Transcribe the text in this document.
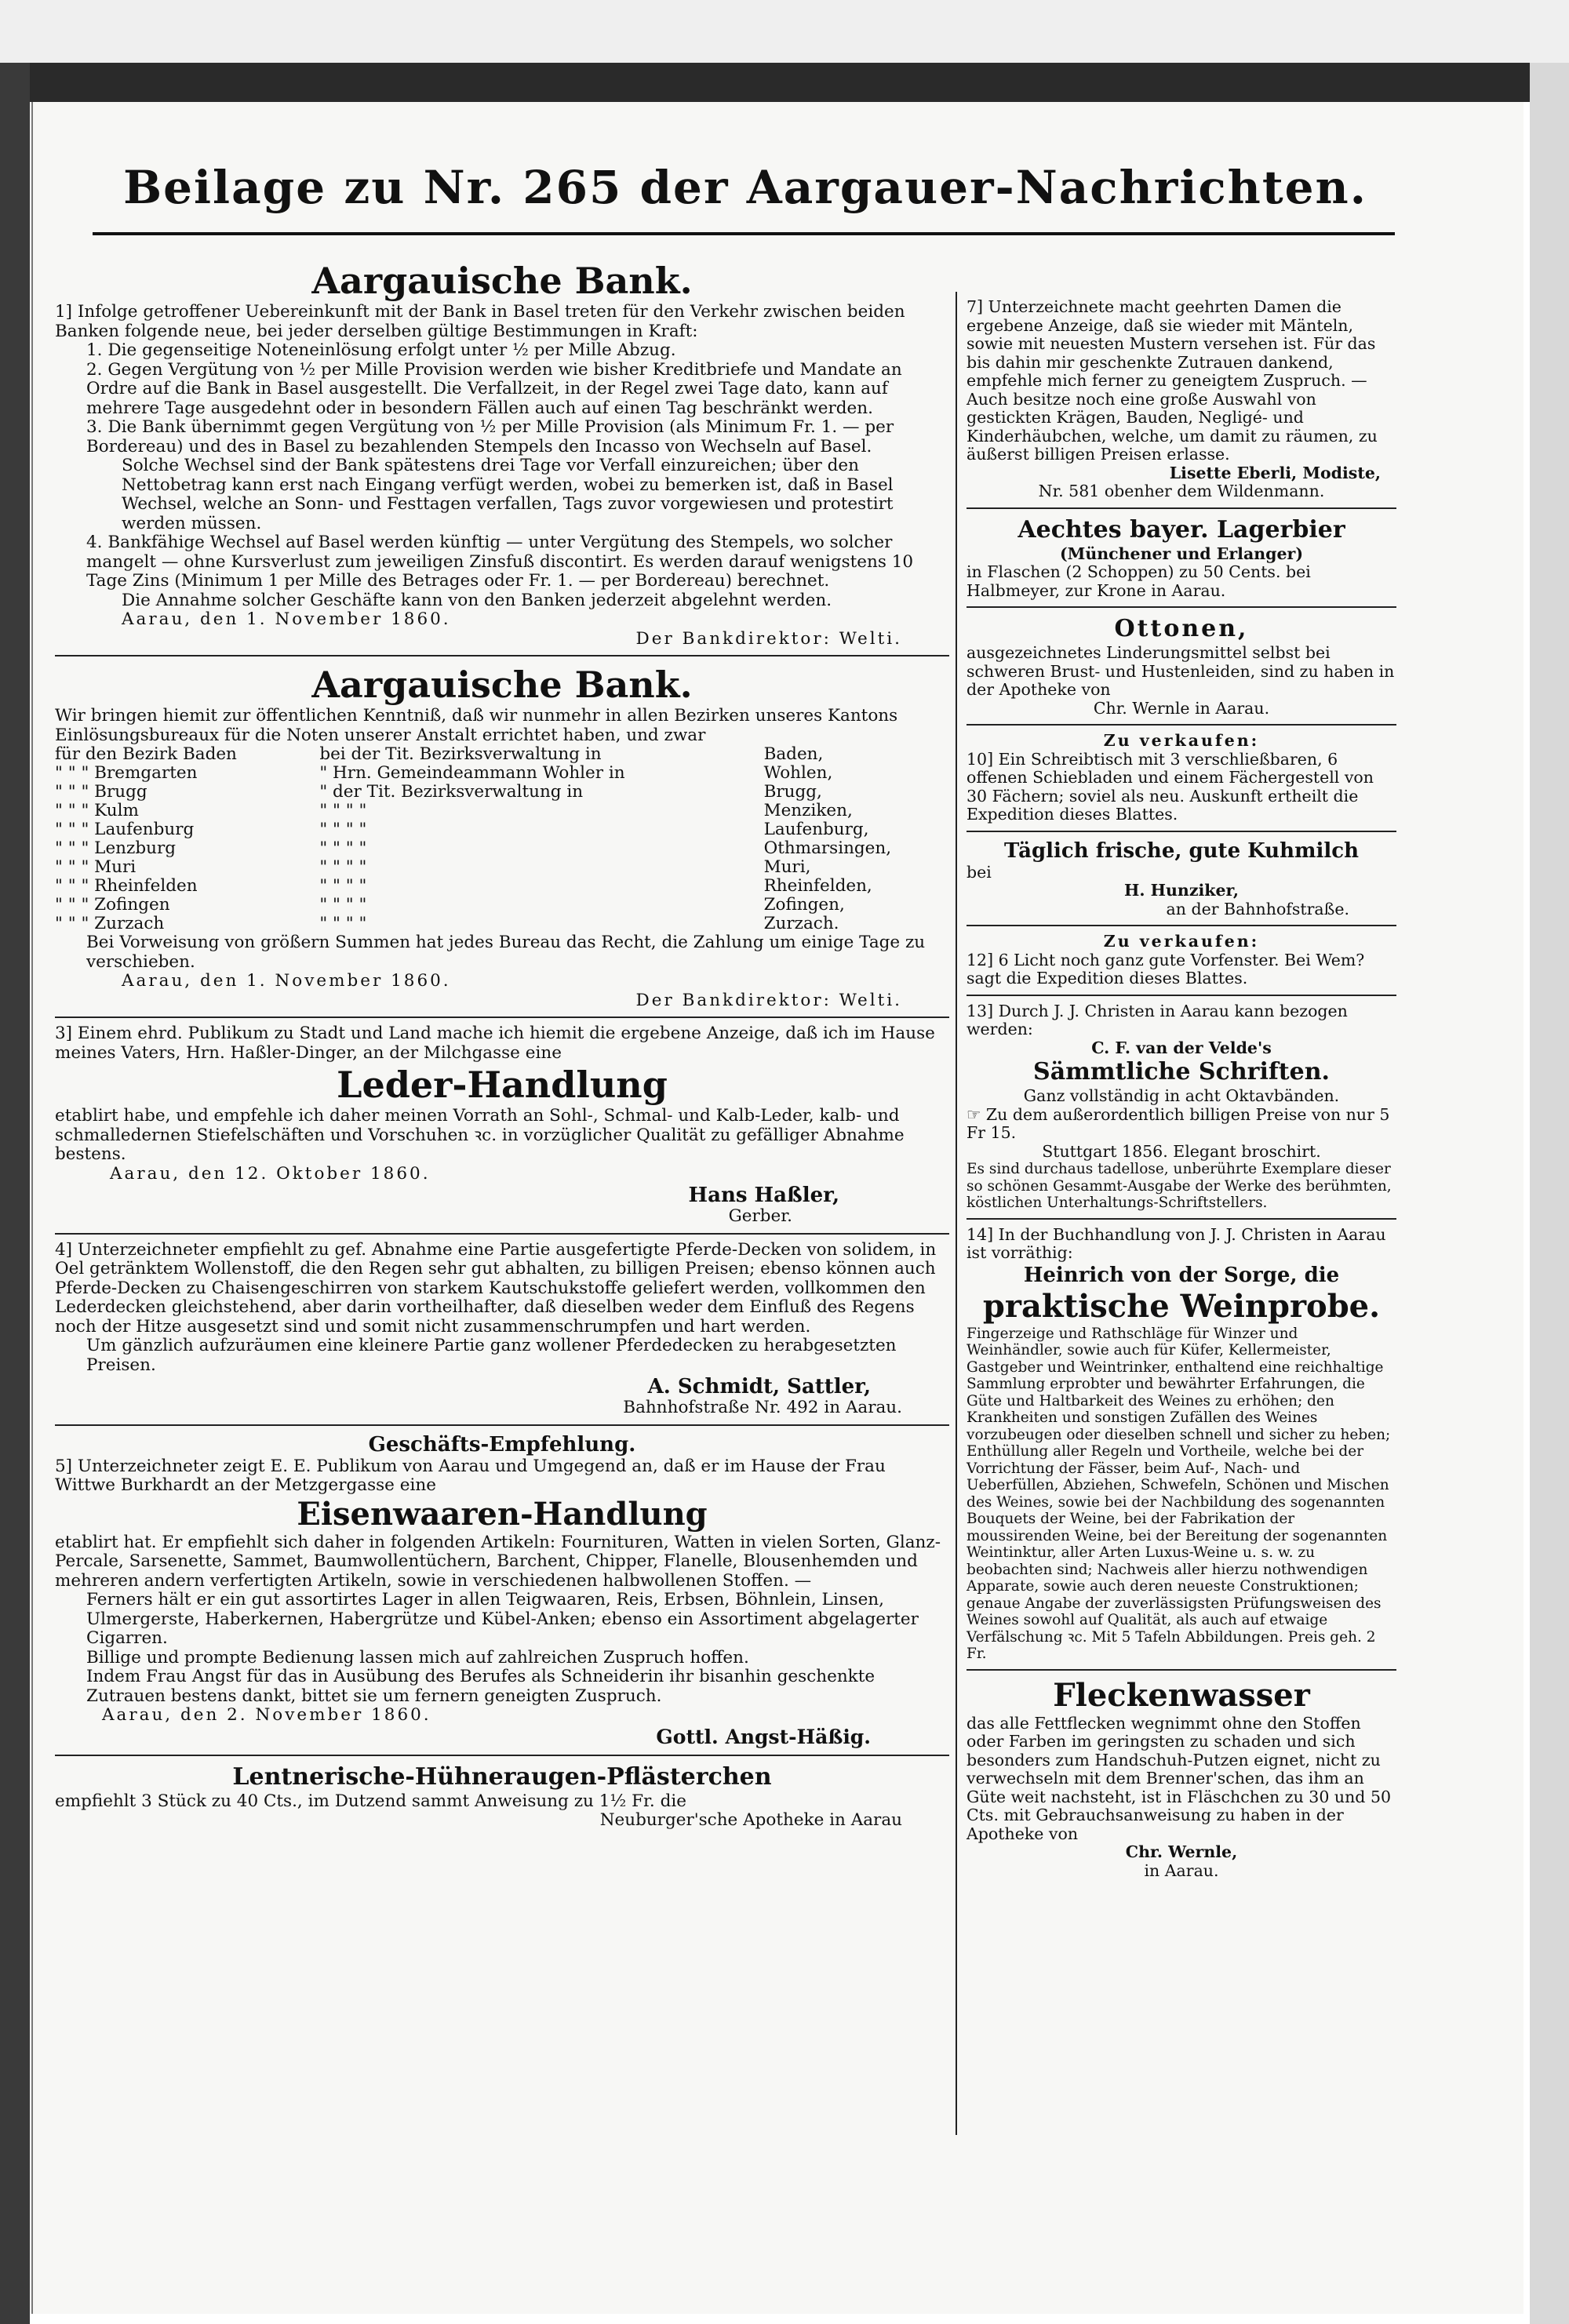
Beilage zu Nr. 265 der Aargauer-Nachrichten.

Aargauische Bank.

1] Infolge getroffener Uebereinkunft mit der Bank in Basel treten für den Verkehr zwischen beiden Banken folgende neue, bei jeder derselben gültige Bestimmungen in Kraft:

1. Die gegenseitige Noteneinlösung erfolgt unter ½ per Mille Abzug.

2. Gegen Vergütung von ½ per Mille Provision werden wie bisher Kreditbriefe und Mandate an Ordre auf die Bank in Basel ausgestellt. Die Verfallzeit, in der Regel zwei Tage dato, kann auf mehrere Tage ausgedehnt oder in besondern Fällen auch auf einen Tag beschränkt werden.

3. Die Bank übernimmt gegen Vergütung von ½ per Mille Provision (als Minimum Fr. 1. — per Bordereau) und des in Basel zu bezahlenden Stempels den Incasso von Wechseln auf Basel.

Solche Wechsel sind der Bank spätestens drei Tage vor Verfall einzureichen; über den Nettobetrag kann erst nach Eingang verfügt werden, wobei zu bemerken ist, daß in Basel Wechsel, welche an Sonn- und Festtagen verfallen, Tags zuvor vorgewiesen und protestirt werden müssen.

4. Bankfähige Wechsel auf Basel werden künftig — unter Vergütung des Stempels, wo solcher mangelt — ohne Kursverlust zum jeweiligen Zinsfuß discontirt. Es werden darauf wenigstens 10 Tage Zins (Minimum 1 per Mille des Betrages oder Fr. 1. — per Bordereau) berechnet.

Die Annahme solcher Geschäfte kann von den Banken jederzeit abgelehnt werden.

Aarau, den 1. November 1860.

Der Bankdirektor: Welti.

Aargauische Bank.

Wir bringen hiemit zur öffentlichen Kenntniß, daß wir nunmehr in allen Bezirken unseres Kantons Einlösungsbureaux für die Noten unserer Anstalt errichtet haben, und zwar

für den Bezirk Baden	bei der Tit. Bezirksverwaltung in	Baden,
" " " Bremgarten	" Hrn. Gemeindeammann Wohler in	Wohlen,
" " " Brugg	" der Tit. Bezirksverwaltung in	Brugg,
" " " Kulm	" " " "	Menziken,
" " " Laufenburg	" " " "	Laufenburg,
" " " Lenzburg	" " " "	Othmarsingen,
" " " Muri	" " " "	Muri,
" " " Rheinfelden	" " " "	Rheinfelden,
" " " Zofingen	" " " "	Zofingen,
" " " Zurzach	" " " "	Zurzach.

Bei Vorweisung von größern Summen hat jedes Bureau das Recht, die Zahlung um einige Tage zu verschieben.

Aarau, den 1. November 1860.

Der Bankdirektor: Welti.

3] Einem ehrd. Publikum zu Stadt und Land mache ich hiemit die ergebene Anzeige, daß ich im Hause meines Vaters, Hrn. Haßler-Dinger, an der Milchgasse eine

Leder-Handlung

etablirt habe, und empfehle ich daher meinen Vorrath an Sohl-, Schmal- und Kalb-Leder, kalb- und schmalledernen Stiefelschäften und Vorschuhen ꝛc. in vorzüglicher Qualität zu gefälliger Abnahme bestens.

Aarau, den 12. Oktober 1860.

Hans Haßler,

Gerber.

4] Unterzeichneter empfiehlt zu gef. Abnahme eine Partie ausgefertigte Pferde-Decken von solidem, in Oel getränktem Wollenstoff, die den Regen sehr gut abhalten, zu billigen Preisen; ebenso können auch Pferde-Decken zu Chaisengeschirren von starkem Kautschukstoffe geliefert werden, vollkommen den Lederdecken gleichstehend, aber darin vortheilhafter, daß dieselben weder dem Einfluß des Regens noch der Hitze ausgesetzt sind und somit nicht zusammenschrumpfen und hart werden.

Um gänzlich aufzuräumen eine kleinere Partie ganz wollener Pferdedecken zu herabgesetzten Preisen.

A. Schmidt, Sattler,

Bahnhofstraße Nr. 492 in Aarau.

Geschäfts-Empfehlung.

5] Unterzeichneter zeigt E. E. Publikum von Aarau und Umgegend an, daß er im Hause der Frau Wittwe Burkhardt an der Metzgergasse eine

Eisenwaaren-Handlung

etablirt hat. Er empfiehlt sich daher in folgenden Artikeln: Fournituren, Watten in vielen Sorten, Glanz-Percale, Sarsenette, Sammet, Baumwollentüchern, Barchent, Chipper, Flanelle, Blousenhemden und mehreren andern verfertigten Artikeln, sowie in verschiedenen halbwollenen Stoffen. —

Ferners hält er ein gut assortirtes Lager in allen Teigwaaren, Reis, Erbsen, Böhnlein, Linsen, Ulmergerste, Haberkernen, Habergrütze und Kübel-Anken; ebenso ein Assortiment abgelagerter Cigarren.

Billige und prompte Bedienung lassen mich auf zahlreichen Zuspruch hoffen.

Indem Frau Angst für das in Ausübung des Berufes als Schneiderin ihr bisanhin geschenkte Zutrauen bestens dankt, bittet sie um fernern geneigten Zuspruch.

Aarau, den 2. November 1860.

Gottl. Angst-Häßig.

Lentnerische-Hühneraugen-Pflästerchen

empfiehlt 3 Stück zu 40 Cts., im Dutzend sammt Anweisung zu 1½ Fr. die

Neuburger'sche Apotheke in Aarau

7] Unterzeichnete macht geehrten Damen die ergebene Anzeige, daß sie wieder mit Mänteln, sowie mit neuesten Mustern versehen ist. Für das bis dahin mir geschenkte Zutrauen dankend, empfehle mich ferner zu geneigtem Zuspruch. — Auch besitze noch eine große Auswahl von gestickten Krägen, Bauden, Negligé- und Kinderhäubchen, welche, um damit zu räumen, zu äußerst billigen Preisen erlasse.

Lisette Eberli, Modiste,

Nr. 581 obenher dem Wildenmann.

Aechtes bayer. Lagerbier

(Münchener und Erlanger)

in Flaschen (2 Schoppen) zu 50 Cents. bei Halbmeyer, zur Krone in Aarau.

Ottonen,

ausgezeichnetes Linderungsmittel selbst bei schweren Brust- und Hustenleiden, sind zu haben in der Apotheke von

Chr. Wernle in Aarau.

Zu verkaufen:

10] Ein Schreibtisch mit 3 verschließbaren, 6 offenen Schiebladen und einem Fächergestell von 30 Fächern; soviel als neu. Auskunft ertheilt die Expedition dieses Blattes.

Täglich frische, gute Kuhmilch

bei

H. Hunziker,

an der Bahnhofstraße.

Zu verkaufen:

12] 6 Licht noch ganz gute Vorfenster. Bei Wem? sagt die Expedition dieses Blattes.

13] Durch J. J. Christen in Aarau kann bezogen werden:

C. F. van der Velde's

Sämmtliche Schriften.

Ganz vollständig in acht Oktavbänden.

☞ Zu dem außerordentlich billigen Preise von nur 5 Fr 15.

Stuttgart 1856. Elegant broschirt.

Es sind durchaus tadellose, unberührte Exemplare dieser so schönen Gesammt-Ausgabe der Werke des berühmten, köstlichen Unterhaltungs-Schriftstellers.

14] In der Buchhandlung von J. J. Christen in Aarau ist vorräthig:

Heinrich von der Sorge, die

praktische Weinprobe.

Fingerzeige und Rathschläge für Winzer und Weinhändler, sowie auch für Küfer, Kellermeister, Gastgeber und Weintrinker, enthaltend eine reichhaltige Sammlung erprobter und bewährter Erfahrungen, die Güte und Haltbarkeit des Weines zu erhöhen; den Krankheiten und sonstigen Zufällen des Weines vorzubeugen oder dieselben schnell und sicher zu heben; Enthüllung aller Regeln und Vortheile, welche bei der Vorrichtung der Fässer, beim Auf-, Nach- und Ueberfüllen, Abziehen, Schwefeln, Schönen und Mischen des Weines, sowie bei der Nachbildung des sogenannten Bouquets der Weine, bei der Fabrikation der moussirenden Weine, bei der Bereitung der sogenannten Weintinktur, aller Arten Luxus-Weine u. s. w. zu beobachten sind; Nachweis aller hierzu nothwendigen Apparate, sowie auch deren neueste Construktionen; genaue Angabe der zuverlässigsten Prüfungsweisen des Weines sowohl auf Qualität, als auch auf etwaige Verfälschung ꝛc. Mit 5 Tafeln Abbildungen. Preis geh. 2 Fr.

Fleckenwasser

das alle Fettflecken wegnimmt ohne den Stoffen oder Farben im geringsten zu schaden und sich besonders zum Handschuh-Putzen eignet, nicht zu verwechseln mit dem Brenner'schen, das ihm an Güte weit nachsteht, ist in Fläschchen zu 30 und 50 Cts. mit Gebrauchsanweisung zu haben in der Apotheke von

Chr. Wernle,

in Aarau.
